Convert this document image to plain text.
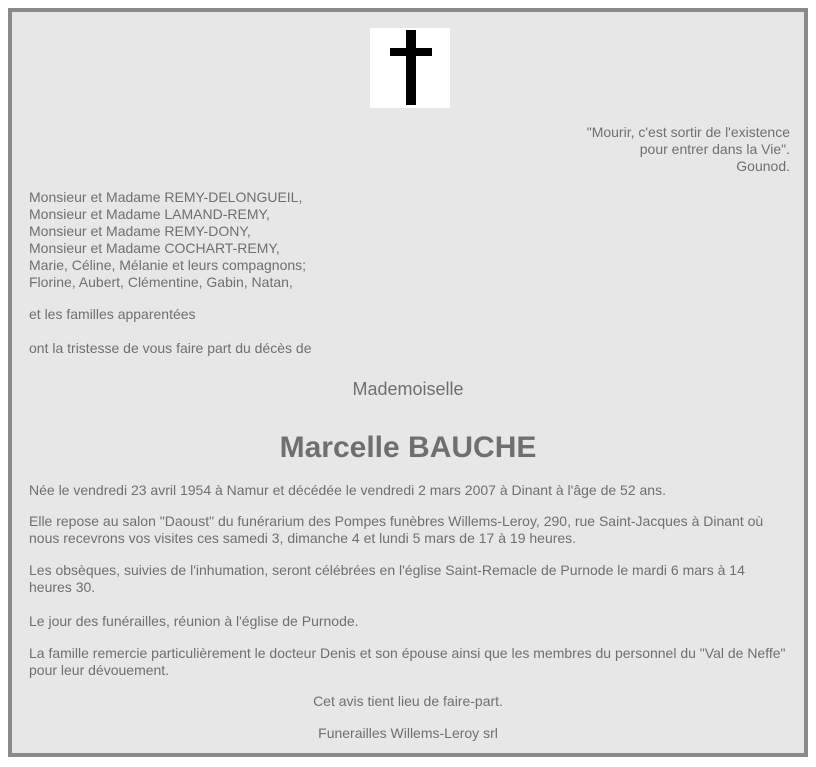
"Mourir, c'est sortir de l'existence
pour entrer dans la Vie".
Gounod.
Monsieur et Madame REMY-DELONGUEIL,
Monsieur et Madame LAMAND-REMY,
Monsieur et Madame REMY-DONY,
Monsieur et Madame COCHART-REMY,
Marie, Céline, Mélanie et leurs compagnons;
Florine, Aubert, Clémentine, Gabin, Natan,
et les familles apparentées
ont la tristesse de vous faire part du décès de
Mademoiselle
Marcelle BAUCHE
Née le vendredi 23 avril 1954 à Namur et décédée le vendredi 2 mars 2007 à Dinant à l'âge de 52 ans.
Elle repose au salon "Daoust" du funérarium des Pompes funèbres Willems-Leroy, 290, rue Saint-Jacques à Dinant où nous recevrons vos visites ces samedi 3, dimanche 4 et lundi 5 mars de 17 à 19 heures.
Les obsèques, suivies de l'inhumation, seront célébrées en l'église Saint-Remacle de Purnode le mardi 6 mars à 14 heures 30.
Le jour des funérailles, réunion à l'église de Purnode.
La famille remercie particulièrement le docteur Denis et son épouse ainsi que les membres du personnel du "Val de Neffe" pour leur dévouement.
Cet avis tient lieu de faire-part.
Funerailles Willems-Leroy srl
